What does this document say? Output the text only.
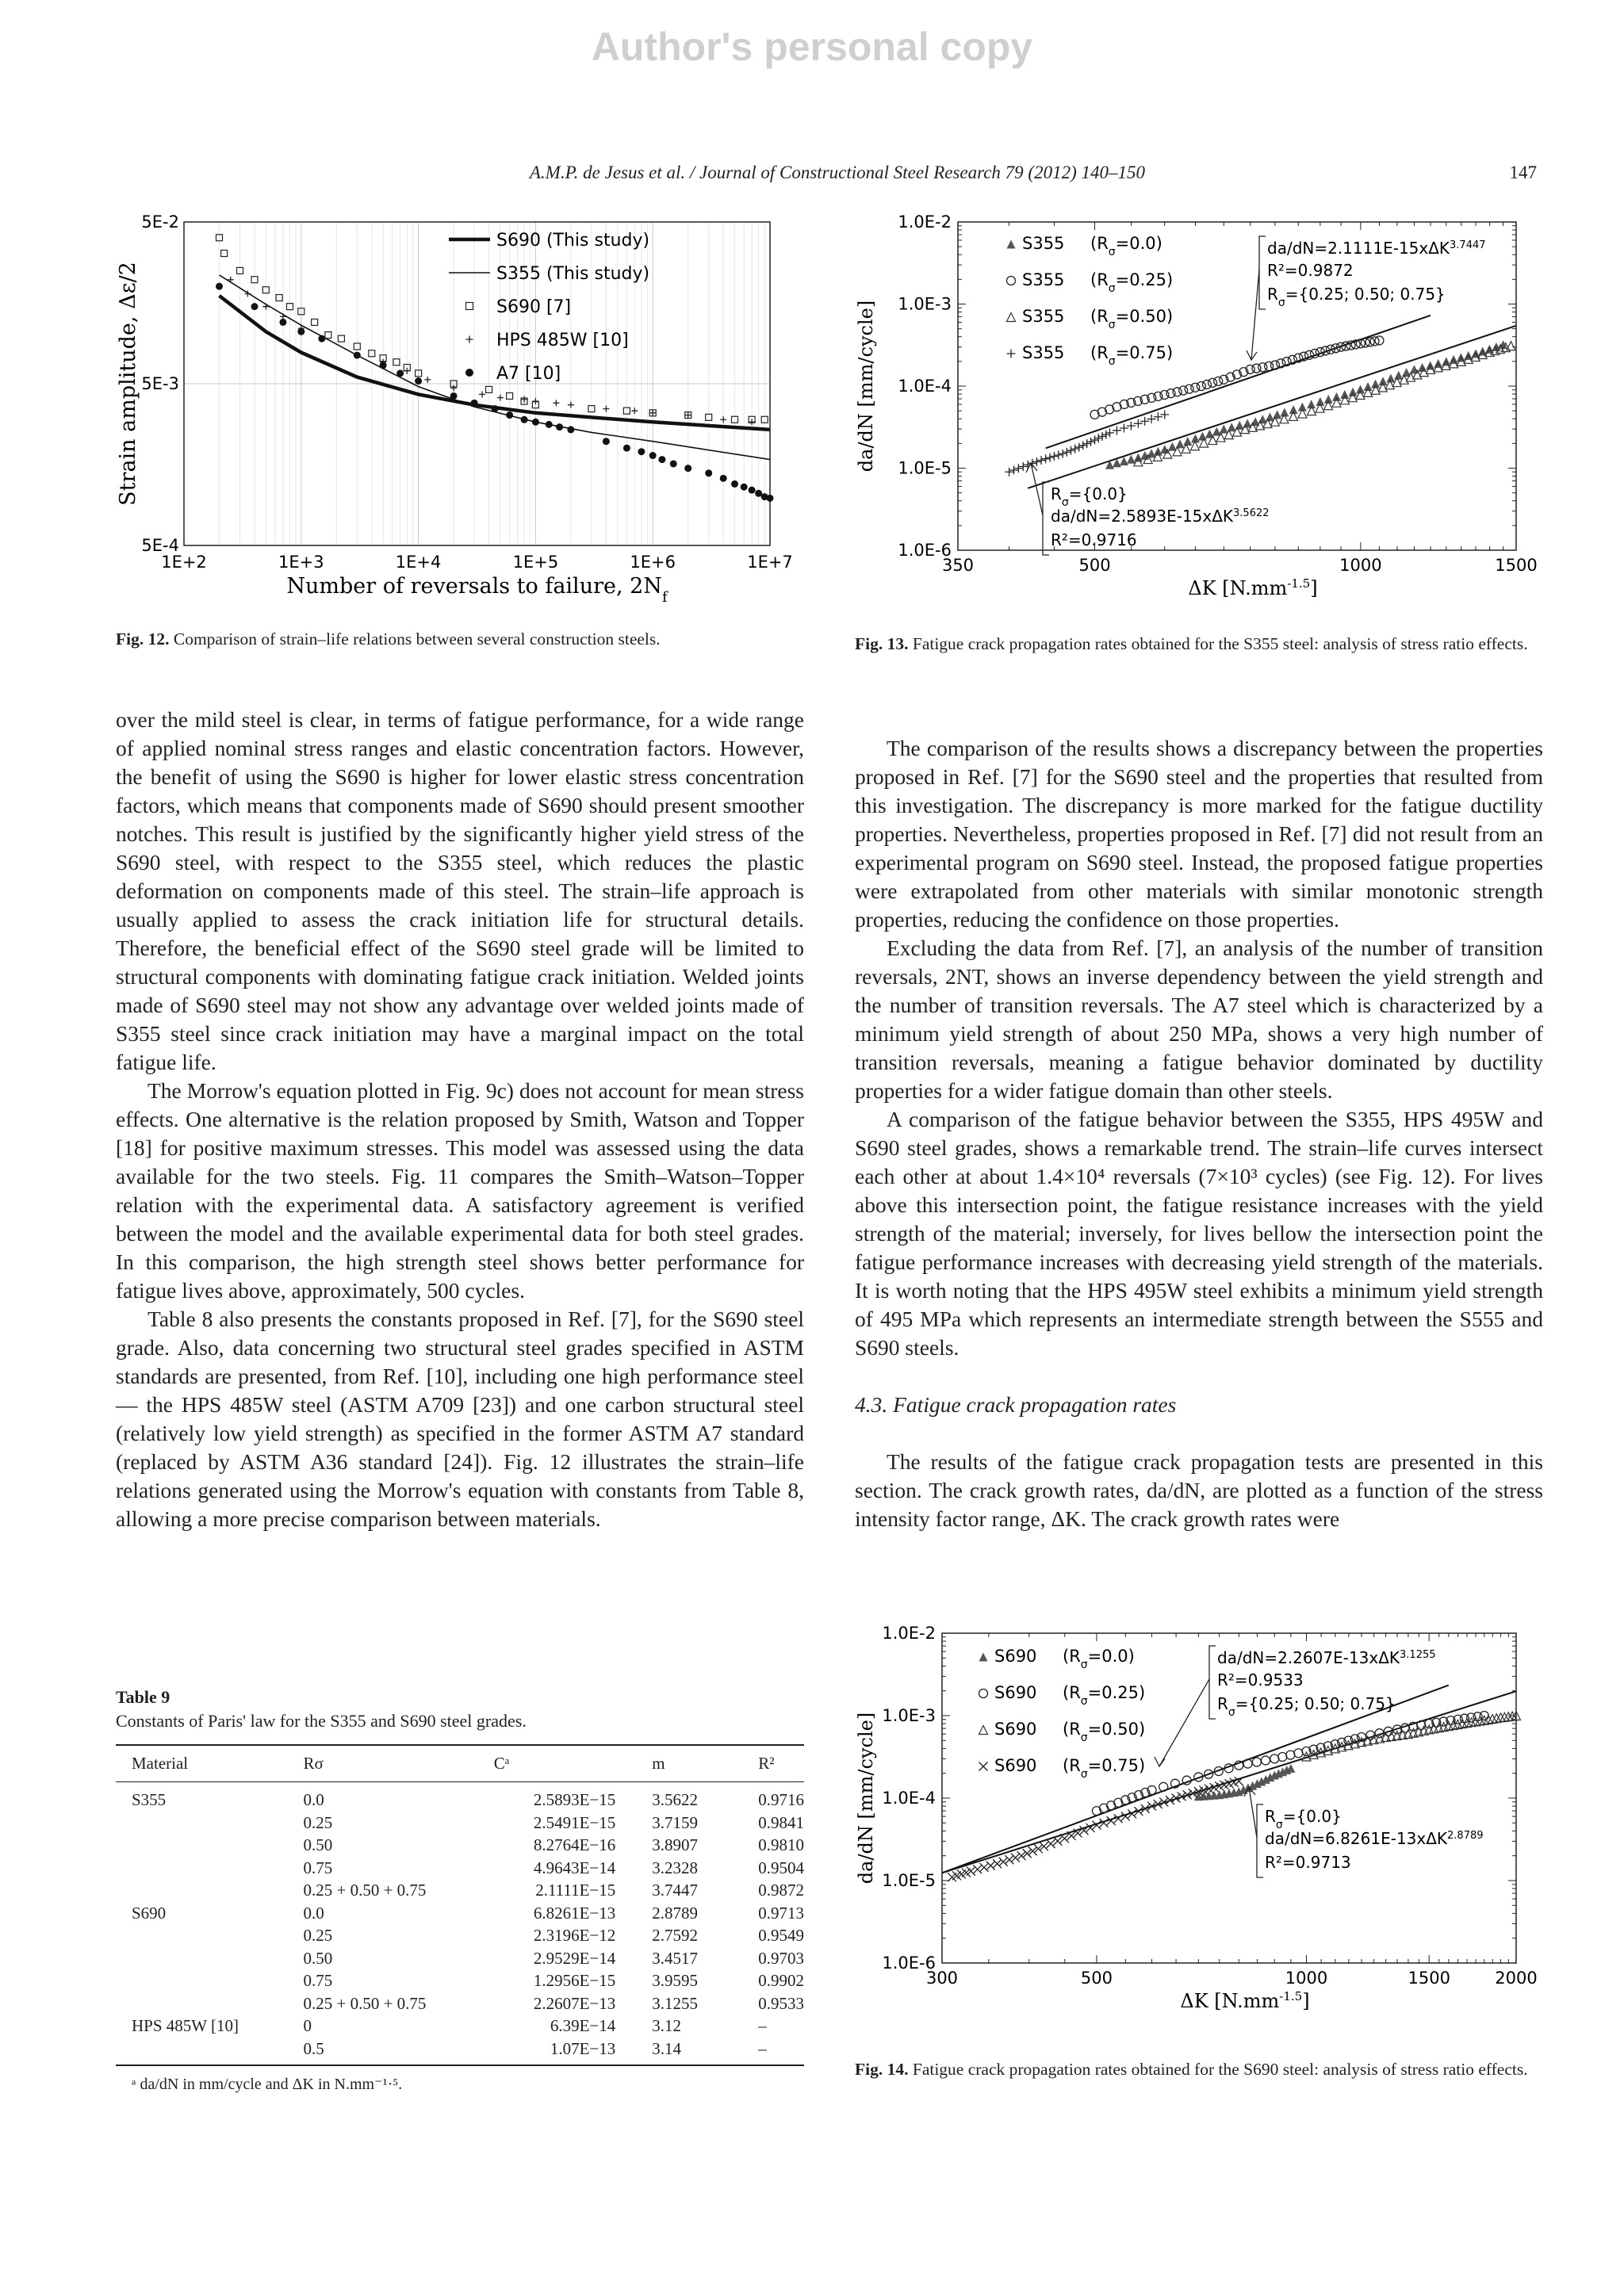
Author's personal copy
A.M.P. de Jesus et al. / Journal of Constructional Steel Research 79 (2012) 140–150	147
1E+2	1E+3	1E+4	1E+5	1E+6	1E+7
5E-2
5E-3
5E-4
Number of reversals to failure, $2N_f$
Strain amplitude, Δε/2
S690 (This study)
S355 (This study)
S690 [7]
HPS 485W [10]
A7 [10]
Fig. 12. Comparison of strain–life relations between several construction steels.
350	500	1000	1500
1.0E-2
1.0E-3
1.0E-4
1.0E-5
1.0E-6
ΔK $[N.mm^{-1.5}]$
da/dN [mm/cycle]
S355 $(R_\sigma=0.0)$
S355 $(R_\sigma=0.25)$
S355 $(R_\sigma=0.50)$
S355 $(R_\sigma=0.75)$
da/dN=2.1111E-15xΔK$^{3.7447}$
R²=0.9872
$R_\sigma=\{0.25$; 0.50; 0.75}
$R_\sigma=\{0.0\}$
da/dN=2.5893E-15xΔK$^{3.5622}$
R²=0.9716
Fig. 13. Fatigue crack propagation rates obtained for the S355 steel: analysis of stress ratio effects.

over the mild steel is clear, in terms of fatigue performance, for a wide range of applied nominal stress ranges and elastic concentration factors. However, the benefit of using the S690 is higher for lower elastic stress concentration factors, which means that components made of S690 should present smoother notches. This result is justified by the significantly higher yield stress of the S690 steel, with respect to the S355 steel, which reduces the plastic deformation on components made of this steel. The strain–life approach is usually applied to assess the crack initiation life for structural details. Therefore, the beneficial effect of the S690 steel grade will be limited to structural components with dominating fatigue crack initiation. Welded joints made of S690 steel may not show any advantage over welded joints made of S355 steel since crack initiation may have a marginal impact on the total fatigue life.

The Morrow's equation plotted in Fig. 9c) does not account for mean stress effects. One alternative is the relation proposed by Smith, Watson and Topper [18] for positive maximum stresses. This model was assessed using the data available for the two steels. Fig. 11 compares the Smith–Watson–Topper relation with the experimental data. A satisfactory agreement is verified between the model and the available experimental data for both steel grades. In this comparison, the high strength steel shows better performance for fatigue lives above, approximately, 500 cycles.

Table 8 also presents the constants proposed in Ref. [7], for the S690 steel grade. Also, data concerning two structural steel grades specified in ASTM standards are presented, from Ref. [10], including one high performance steel — the HPS 485W steel (ASTM A709 [23]) and one carbon structural steel (relatively low yield strength) as specified in the former ASTM A7 standard (replaced by ASTM A36 standard [24]). Fig. 12 illustrates the strain–life relations generated using the Morrow's equation with constants from Table 8, allowing a more precise comparison between materials.

The comparison of the results shows a discrepancy between the properties proposed in Ref. [7] for the S690 steel and the properties that resulted from this investigation. The discrepancy is more marked for the fatigue ductility properties. Nevertheless, properties proposed in Ref. [7] did not result from an experimental program on S690 steel. Instead, the proposed fatigue properties were extrapolated from other materials with similar monotonic strength properties, reducing the confidence on those properties.

Excluding the data from Ref. [7], an analysis of the number of transition reversals, 2NT, shows an inverse dependency between the yield strength and the number of transition reversals. The A7 steel which is characterized by a minimum yield strength of about 250 MPa, shows a very high number of transition reversals, meaning a fatigue behavior dominated by ductility properties for a wider fatigue domain than other steels.

A comparison of the fatigue behavior between the S355, HPS 495W and S690 steel grades, shows a remarkable trend. The strain–life curves intersect each other at about 1.4×10⁴ reversals (7×10³ cycles) (see Fig. 12). For lives above this intersection point, the fatigue resistance increases with the yield strength of the material; inversely, for lives bellow the intersection point the fatigue performance increases with decreasing yield strength of the materials. It is worth noting that the HPS 495W steel exhibits a minimum yield strength of 495 MPa which represents an intermediate strength between the S555 and S690 steels.

4.3. Fatigue crack propagation rates

The results of the fatigue crack propagation tests are presented in this section. The crack growth rates, da/dN, are plotted as a function of the stress intensity factor range, ΔK. The crack growth rates were

Table 9
Constants of Paris' law for the S355 and S690 steel grades.
Material	Rσ	Cᵃ	m	R²
S355	0.0	2.5893E−15	3.5622	0.9716
	0.25	2.5491E−15	3.7159	0.9841
	0.50	8.2764E−16	3.8907	0.9810
	0.75	4.9643E−14	3.2328	0.9504
	0.25 + 0.50 + 0.75	2.1111E−15	3.7447	0.9872
S690	0.0	6.8261E−13	2.8789	0.9713
	0.25	2.3196E−12	2.7592	0.9549
	0.50	2.9529E−14	3.4517	0.9703
	0.75	1.2956E−15	3.9595	0.9902
	0.25 + 0.50 + 0.75	2.2607E−13	3.1255	0.9533
HPS 485W [10]	0	6.39E−14	3.12	–
	0.5	1.07E−13	3.14	–
ᵃ da/dN in mm/cycle and ΔK in N.mm⁻¹·⁵.
300	500	1000	1500	2000
1.0E-2
1.0E-3
1.0E-4
1.0E-5
1.0E-6
ΔK $[N.mm^{-1.5}]$
da/dN [mm/cycle]
S690 $(R_\sigma=0.0)$
S690 $(R_\sigma=0.25)$
S690 $(R_\sigma=0.50)$
S690 $(R_\sigma=0.75)$
da/dN=2.2607E-13xΔK$^{3.1255}$
R²=0.9533
$R_\sigma=\{0.25$; 0.50; 0.75}
$R_\sigma=\{0.0\}$
da/dN=6.8261E-13xΔK$^{2.8789}$
R²=0.9713
Fig. 14. Fatigue crack propagation rates obtained for the S690 steel: analysis of stress ratio effects.
